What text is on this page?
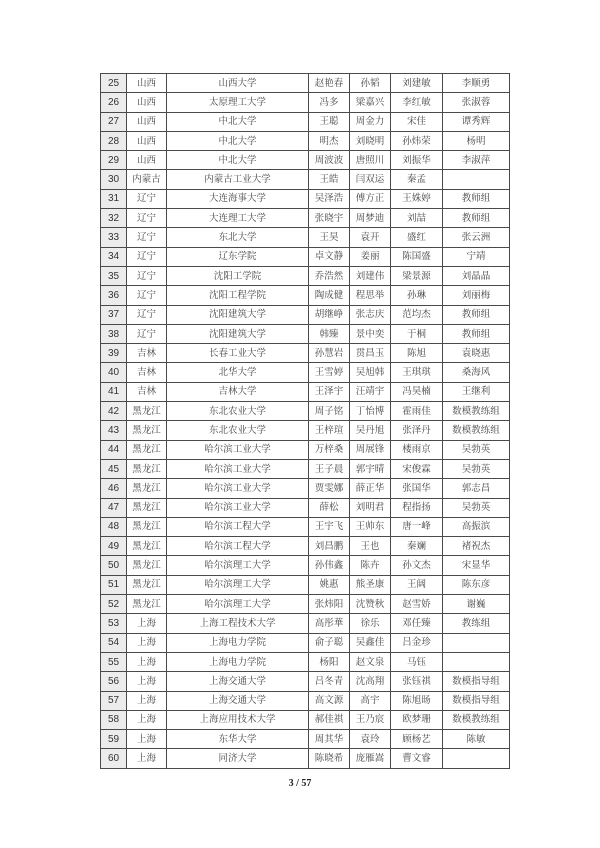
25	山西	山西大学	赵艳春	孙韬	刘建敏	李顺勇
26	山西	太原理工大学	冯多	梁嘉兴	李红敏	张淑蓉
27	山西	中北大学	王聪	周金力	宋佳	谭秀辉
28	山西	中北大学	明杰	刘晓明	孙炜荣	杨明
29	山西	中北大学	周波波	唐照川	刘振华	李淑萍
30	内蒙古	内蒙古工业大学	王皓	闫双运	秦孟	
31	辽宁	大连海事大学	吴泽浩	傅方正	王姝婷	教师组
32	辽宁	大连理工大学	张晓宇	周梦迪	刘喆	教师组
33	辽宁	东北大学	王昊	袁开	盛红	张云洲
34	辽宁	辽东学院	卓文静	姜丽	陈国盛	宁靖
35	辽宁	沈阳工学院	乔浩然	刘建伟	梁景源	刘晶晶
36	辽宁	沈阳工程学院	陶成健	程思举	孙琳	刘丽梅
37	辽宁	沈阳建筑大学	胡继峥	张志庆	范均杰	教师组
38	辽宁	沈阳建筑大学	韩臻	景中奕	于桐	教师组
39	吉林	长春工业大学	孙慧岩	贯昌玉	陈旭	袁晓惠
40	吉林	北华大学	王雪婷	吴旭韩	王琪琪	桑海风
41	吉林	吉林大学	王泽宇	汪靖宇	冯昊楠	王继利
42	黑龙江	东北农业大学	周子铭	丁怡博	霍雨佳	数模教练组
43	黑龙江	东北农业大学	王梓瑄	吴丹旭	张泽丹	数模教练组
44	黑龙江	哈尔滨工业大学	万梓桑	周展锋	楼雨京	吴勃英
45	黑龙江	哈尔滨工业大学	王子晨	郭宇晴	宋俊霖	吴勃英
46	黑龙江	哈尔滨工业大学	贾雯娜	薛正华	张国华	郭志昌
47	黑龙江	哈尔滨工业大学	薛松	刘明君	程指扬	吴勃英
48	黑龙江	哈尔滨工程大学	王宇飞	王帅东	唐一峰	高振滨
49	黑龙江	哈尔滨工程大学	刘昌鹏	王也	秦斓	褚祝杰
50	黑龙江	哈尔滨理工大学	孙伟鑫	陈卉	孙文杰	宋显华
51	黑龙江	哈尔滨理工大学	姚惠	熊圣康	王阔	陈东彦
52	黑龙江	哈尔滨理工大学	张炜阳	沈赞秋	赵雪娇	谢巍
53	上海	上海工程技术大学	高彤華	徐乐	邓任臻	教练组
54	上海	上海电力学院	俞子聪	吴鑫佳	吕金珍	
55	上海	上海电力学院	杨阳	赵文泉	马钰	
56	上海	上海交通大学	吕冬青	沈高翔	张钰祺	数模指导组
57	上海	上海交通大学	高文源	高宇	陈旭旸	数模指导组
58	上海	上海应用技术大学	郝佳祺	王乃宸	欧梦珊	数模教练组
59	上海	东华大学	周其华	袁玲	顾杨艺	陈敏
60	上海	同济大学	陈晓希	庞雁嵩	曹文睿	
3 / 57
